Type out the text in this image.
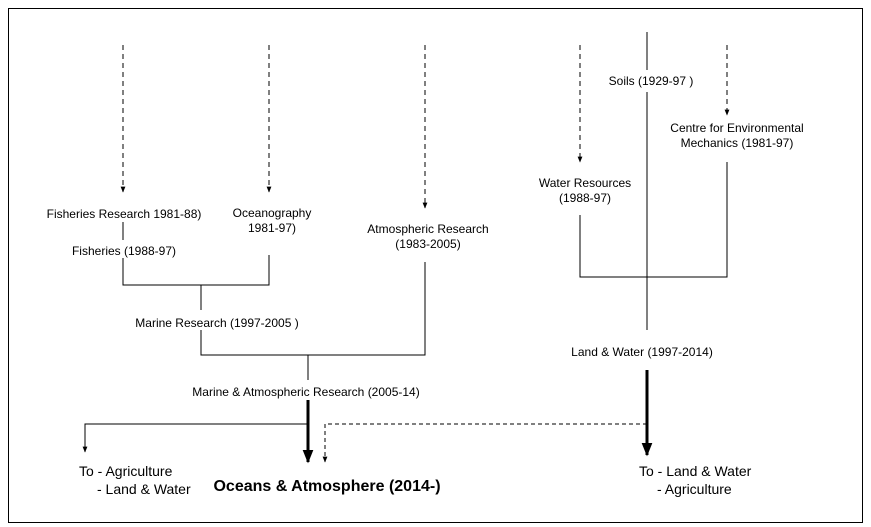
Fisheries Research 1981-88)
Fisheries (1988-97)
Oceanography
1981-97)	Atmospheric Research
(1983-2005)
Marine Research (1997-2005 )
Marine & Atmospheric Research (2005-14)
Soils (1929-97 )
Water Resources
(1988-97)
Centre for Environmental
Mechanics (1981-97)
Land & Water (1997-2014)
Oceans & Atmosphere (2014-)
To - Agriculture
- Land & Water
To - Land & Water
- Agriculture
